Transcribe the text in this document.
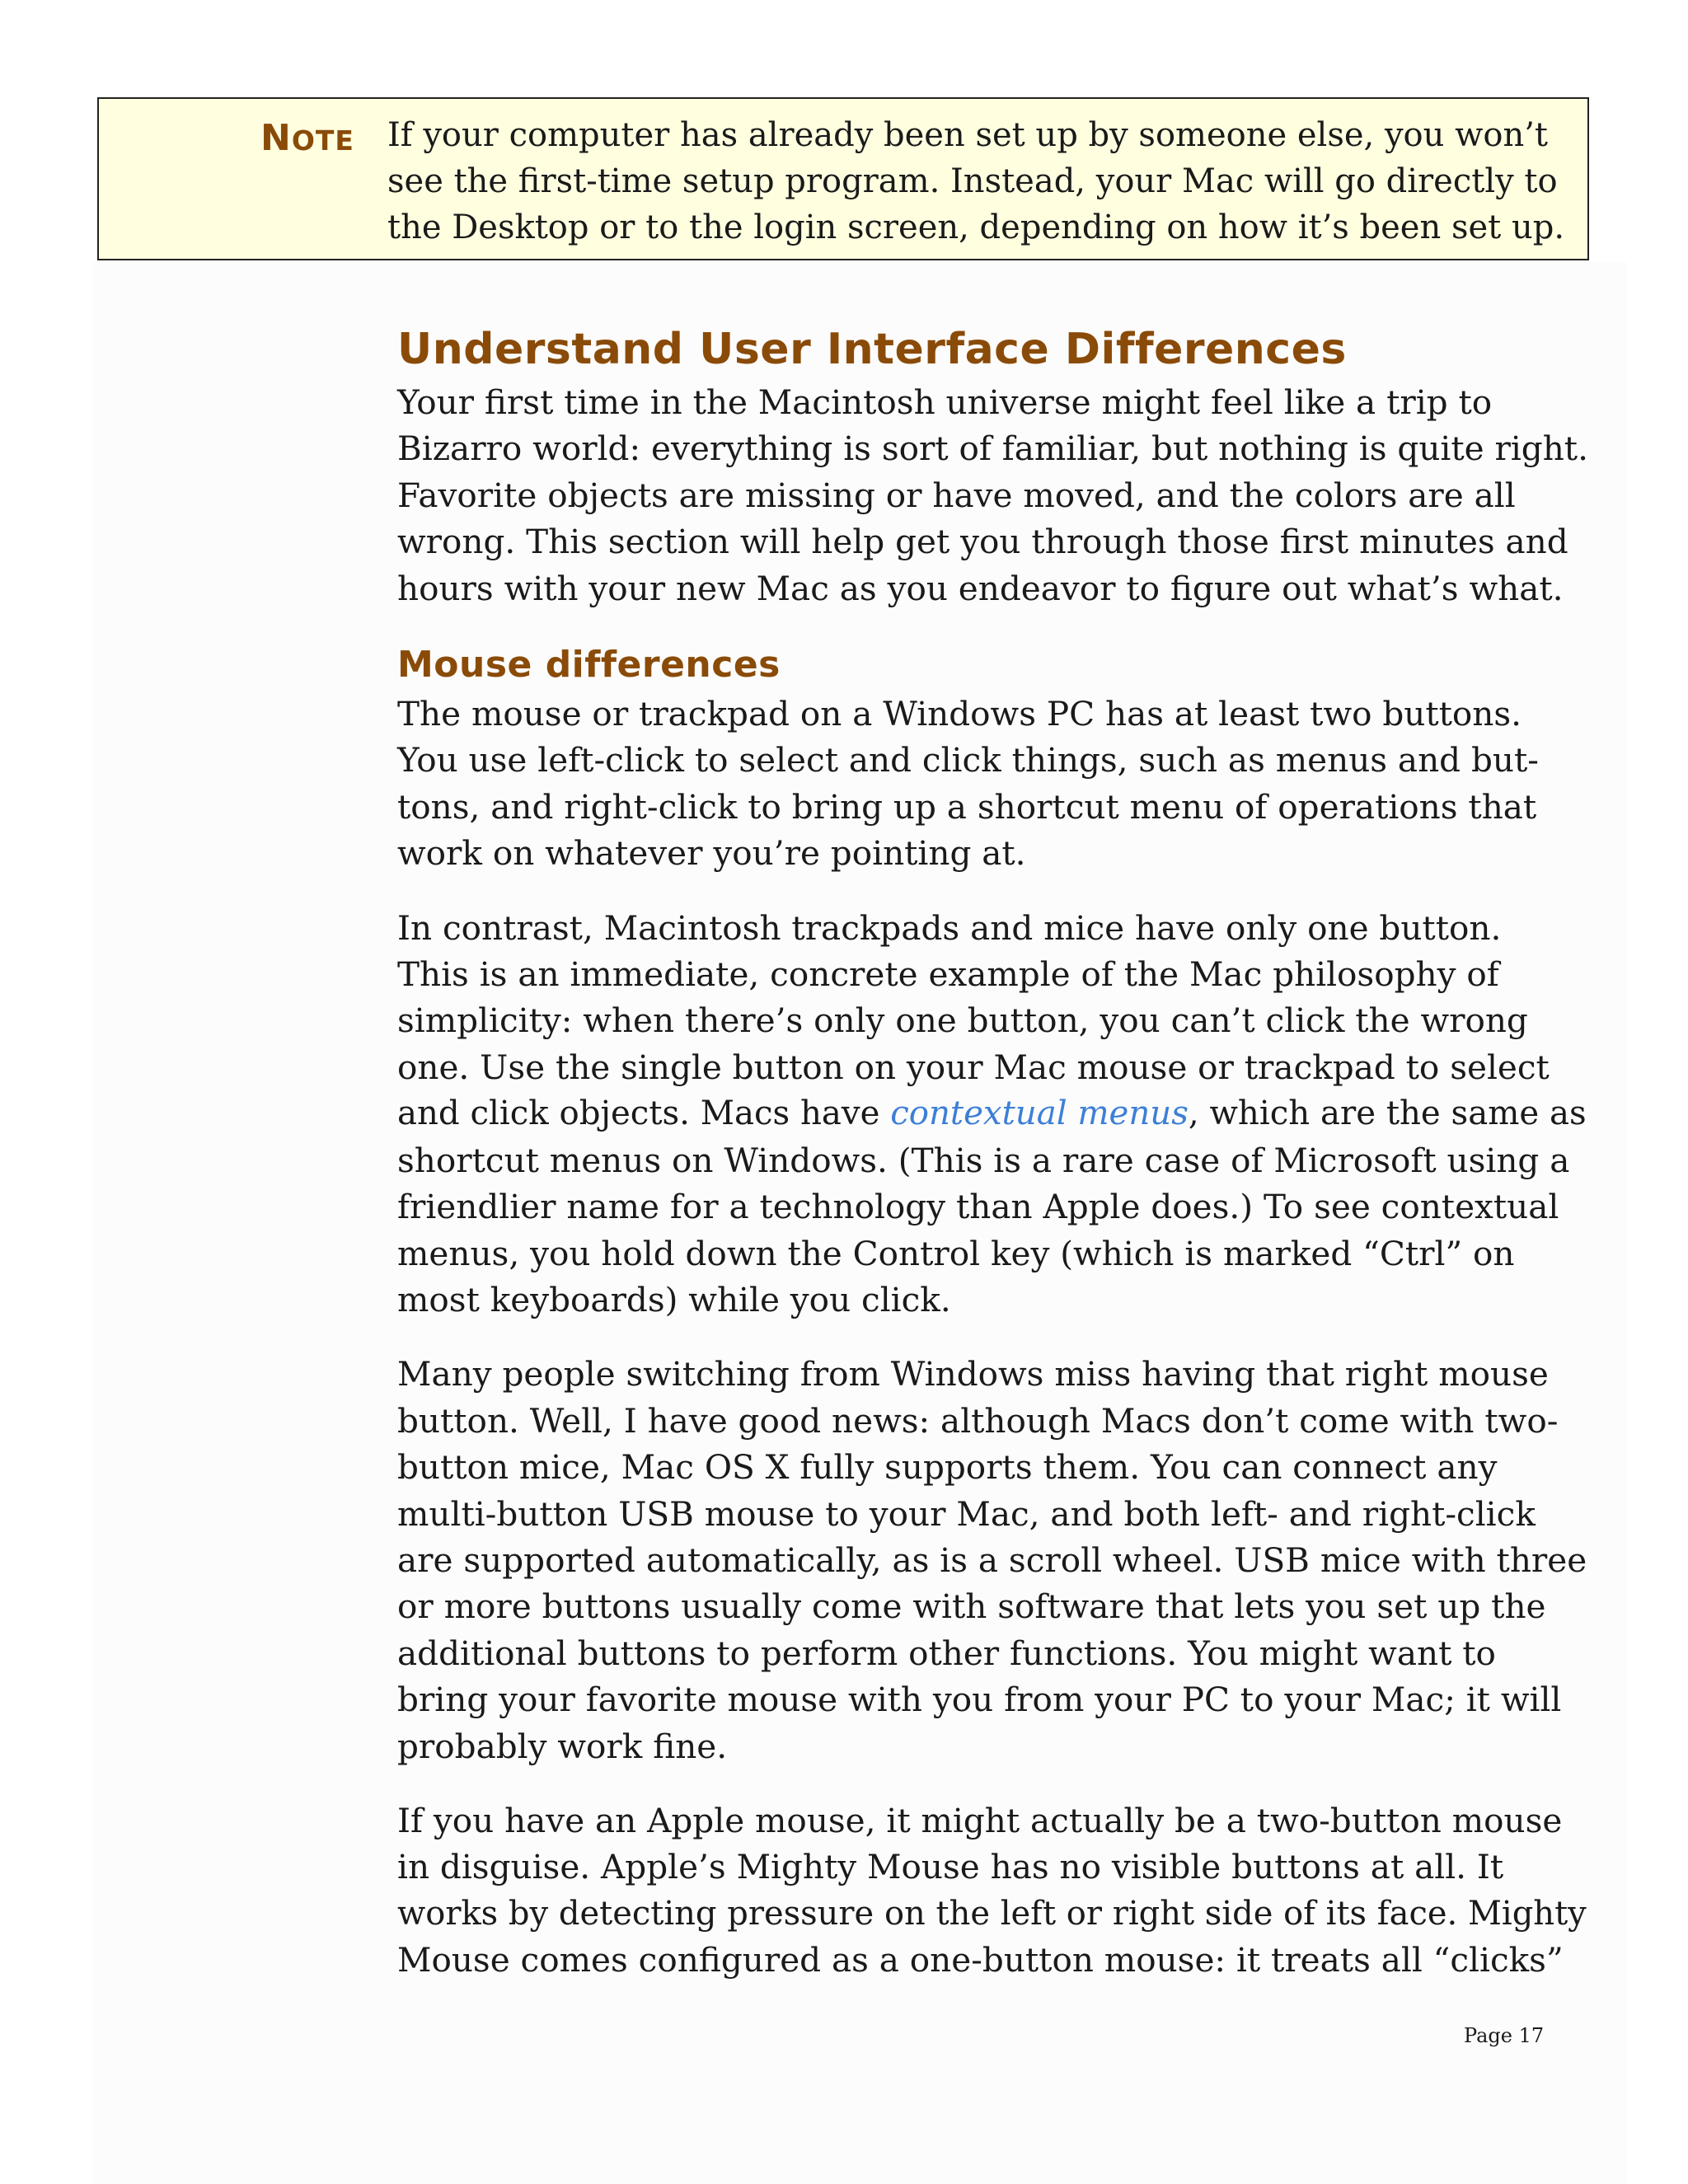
NOTE If your computer has already been set up by someone else, you won’t
see the first-time setup program. Instead, your Mac will go directly to
the Desktop or to the login screen, depending on how it’s been set up.
Understand User Interface Differences

Your first time in the Macintosh universe might feel like a trip to
Bizarro world: everything is sort of familiar, but nothing is quite right.
Favorite objects are missing or have moved, and the colors are all
wrong. This section will help get you through those first minutes and
hours with your new Mac as you endeavor to figure out what’s what.

Mouse differences

The mouse or trackpad on a Windows PC has at least two buttons.
You use left-click to select and click things, such as menus and but-
tons, and right-click to bring up a shortcut menu of operations that
work on whatever you’re pointing at.

In contrast, Macintosh trackpads and mice have only one button.
This is an immediate, concrete example of the Mac philosophy of
simplicity: when there’s only one button, you can’t click the wrong
one. Use the single button on your Mac mouse or trackpad to select
and click objects. Macs have contextual menus, which are the same as
shortcut menus on Windows. (This is a rare case of Microsoft using a
friendlier name for a technology than Apple does.) To see contextual
menus, you hold down the Control key (which is marked “Ctrl” on
most keyboards) while you click.

Many people switching from Windows miss having that right mouse
button. Well, I have good news: although Macs don’t come with two-
button mice, Mac OS X fully supports them. You can connect any
multi-button USB mouse to your Mac, and both left- and right-click
are supported automatically, as is a scroll wheel. USB mice with three
or more buttons usually come with software that lets you set up the
additional buttons to perform other functions. You might want to
bring your favorite mouse with you from your PC to your Mac; it will
probably work fine.

If you have an Apple mouse, it might actually be a two-button mouse
in disguise. Apple’s Mighty Mouse has no visible buttons at all. It
works by detecting pressure on the left or right side of its face. Mighty
Mouse comes configured as a one-button mouse: it treats all “clicks”

Page 17
